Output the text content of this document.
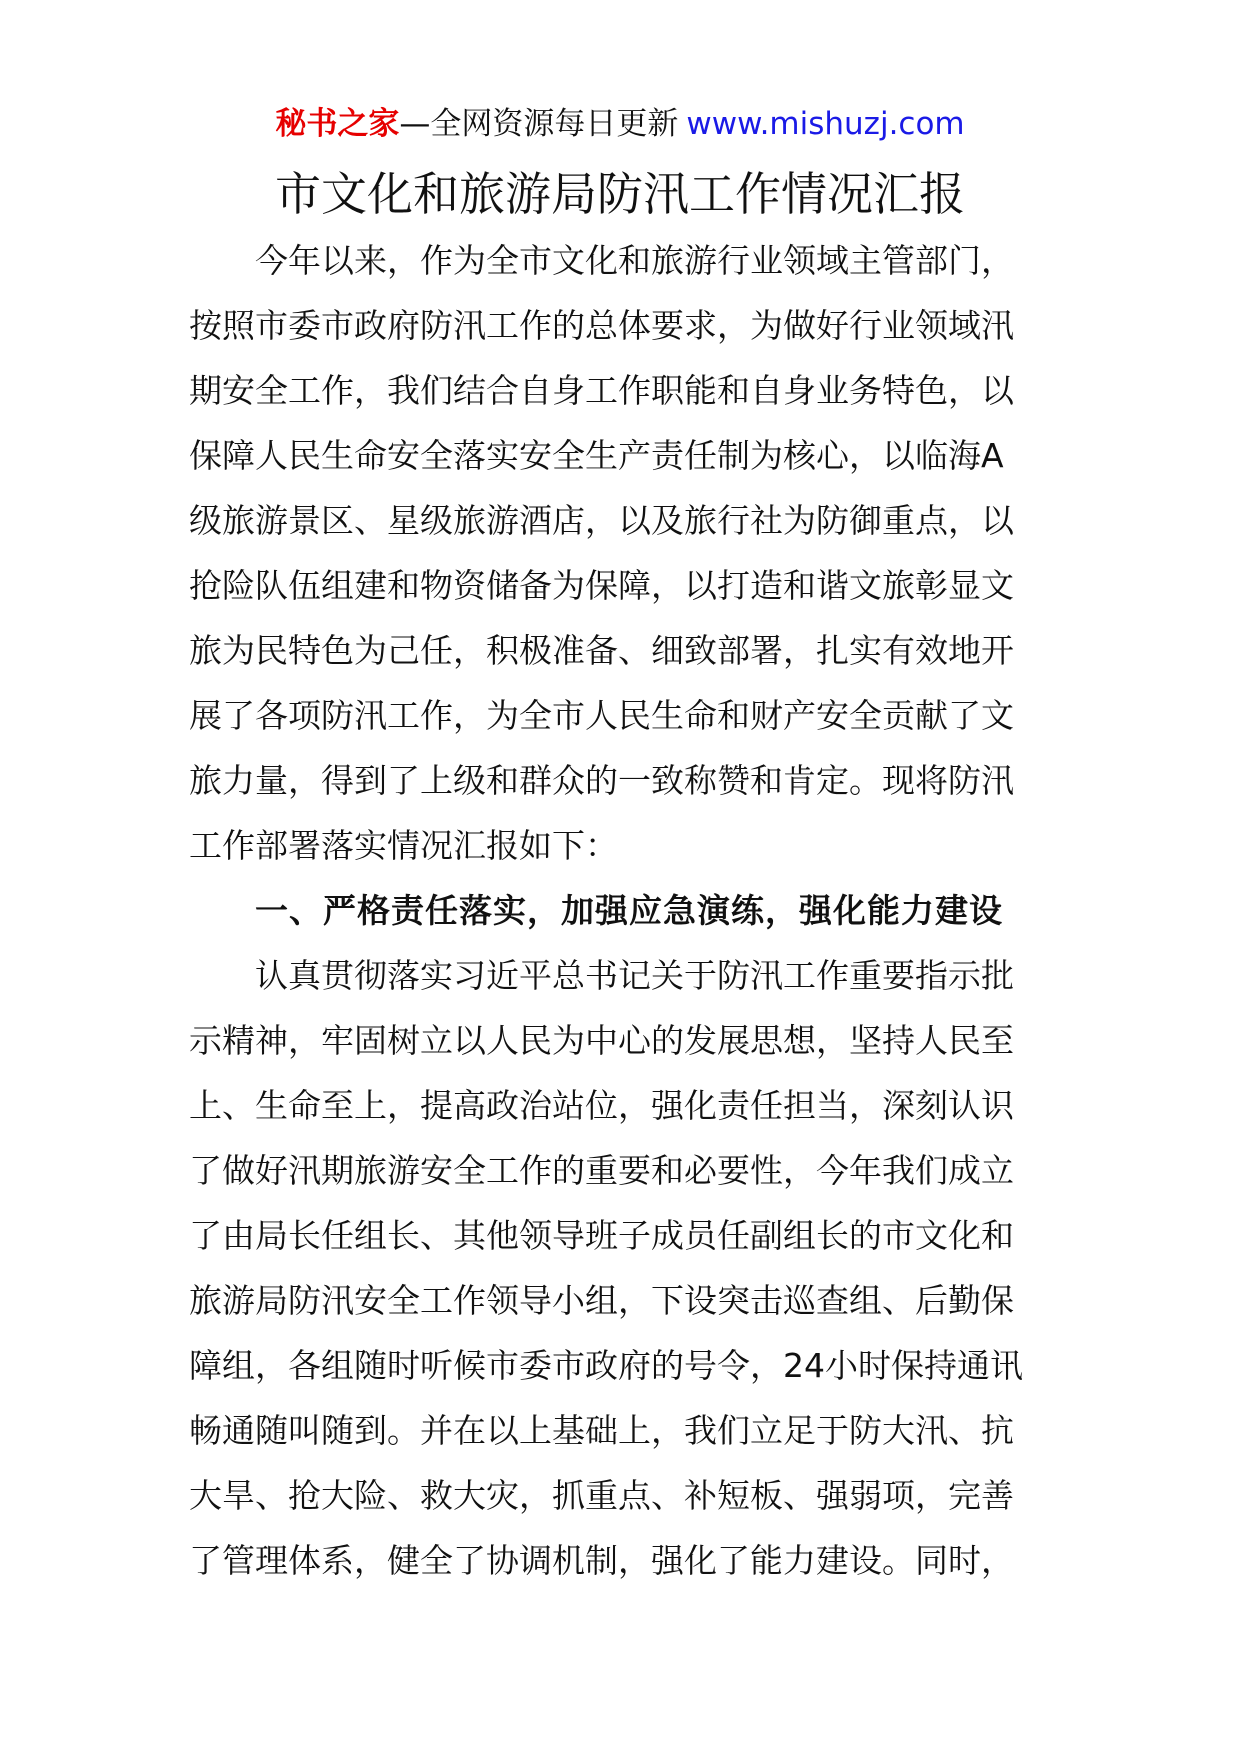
秘书之家—全网资源每日更新 www.mishuzj.com
市文化和旅游局防汛工作情况汇报
今年以来，作为全市文化和旅游行业领域主管部门，
按照市委市政府防汛工作的总体要求，为做好行业领域汛
期安全工作，我们结合自身工作职能和自身业务特色，以
保障人民生命安全落实安全生产责任制为核心，以临海A
级旅游景区、星级旅游酒店，以及旅行社为防御重点，以
抢险队伍组建和物资储备为保障，以打造和谐文旅彰显文
旅为民特色为己任，积极准备、细致部署，扎实有效地开
展了各项防汛工作，为全市人民生命和财产安全贡献了文
旅力量，得到了上级和群众的一致称赞和肯定。现将防汛
工作部署落实情况汇报如下：
一、严格责任落实，加强应急演练，强化能力建设
认真贯彻落实习近平总书记关于防汛工作重要指示批
示精神，牢固树立以人民为中心的发展思想，坚持人民至
上、生命至上，提高政治站位，强化责任担当，深刻认识
了做好汛期旅游安全工作的重要和必要性，今年我们成立
了由局长任组长、其他领导班子成员任副组长的市文化和
旅游局防汛安全工作领导小组，下设突击巡查组、后勤保
障组，各组随时听候市委市政府的号令，24小时保持通讯
畅通随叫随到。并在以上基础上，我们立足于防大汛、抗
大旱、抢大险、救大灾，抓重点、补短板、强弱项，完善
了管理体系，健全了协调机制，强化了能力建设。同时，
